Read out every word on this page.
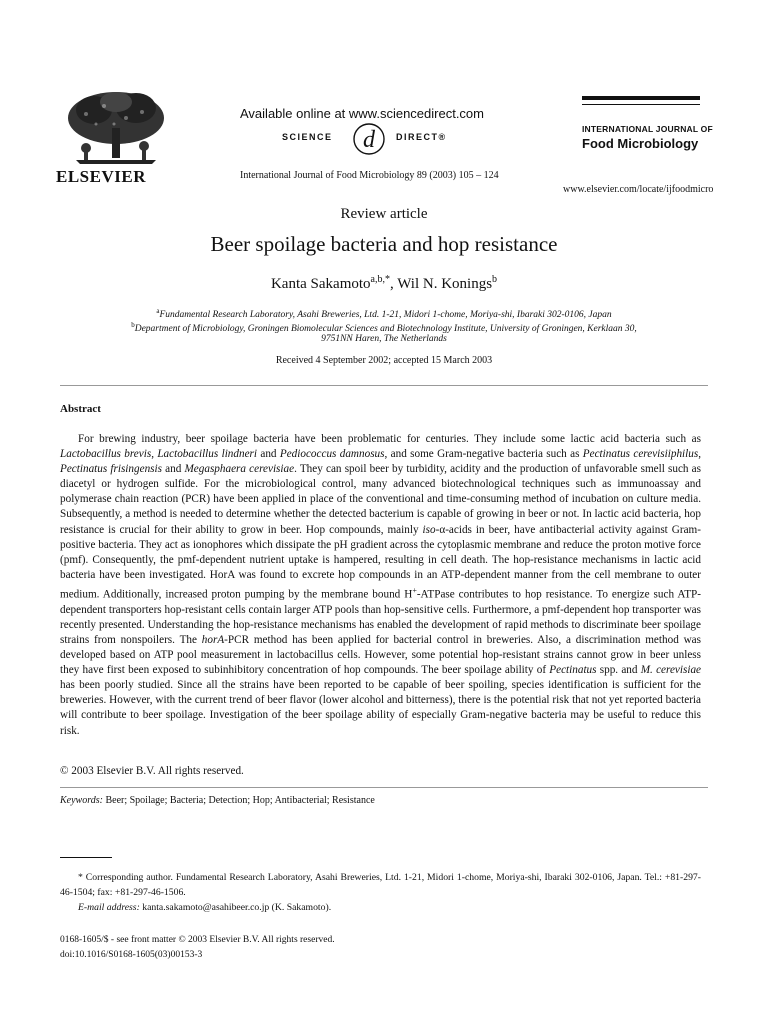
ELSEVIER
Available online at www.sciencedirect.com
SCIENCE d DIRECT®
International Journal of Food Microbiology 89 (2003) 105 – 124
INTERNATIONAL JOURNAL OF
Food Microbiology
www.elsevier.com/locate/ijfoodmicro
Review article
Beer spoilage bacteria and hop resistance
Kanta Sakamoto$^{a,b,*}$, Wil N. Konings$^b$
$^a$Fundamental Research Laboratory, Asahi Breweries, Ltd. 1-21, Midori 1-chome, Moriya-shi, Ibaraki 302-0106, Japan
$^b$Department of Microbiology, Groningen Biomolecular Sciences and Biotechnology Institute, University of Groningen, Kerklaan 30,
9751NN Haren, The Netherlands
Received 4 September 2002; accepted 15 March 2003
Abstract

For brewing industry, beer spoilage bacteria have been problematic for centuries. They include some lactic acid bacteria such as Lactobacillus brevis, Lactobacillus lindneri and Pediococcus damnosus, and some Gram-negative bacteria such as Pectinatus cerevisiiphilus, Pectinatus frisingensis and Megasphaera cerevisiae. They can spoil beer by turbidity, acidity and the production of unfavorable smell such as diacetyl or hydrogen sulfide. For the microbiological control, many advanced biotechnological techniques such as immunoassay and polymerase chain reaction (PCR) have been applied in place of the conventional and time-consuming method of incubation on culture media. Subsequently, a method is needed to determine whether the detected bacterium is capable of growing in beer or not. In lactic acid bacteria, hop resistance is crucial for their ability to grow in beer. Hop compounds, mainly iso-α-acids in beer, have antibacterial activity against Gram-positive bacteria. They act as ionophores which dissipate the pH gradient across the cytoplasmic membrane and reduce the proton motive force (pmf). Consequently, the pmf-dependent nutrient uptake is hampered, resulting in cell death. The hop-resistance mechanisms in lactic acid bacteria have been investigated. HorA was found to excrete hop compounds in an ATP-dependent manner from the cell membrane to outer medium. Additionally, increased proton pumping by the membrane bound H+-ATPase contributes to hop resistance. To energize such ATP-dependent transporters hop-resistant cells contain larger ATP pools than hop-sensitive cells. Furthermore, a pmf-dependent hop transporter was recently presented. Understanding the hop-resistance mechanisms has enabled the development of rapid methods to discriminate beer spoilage strains from nonspoilers. The horA-PCR method has been applied for bacterial control in breweries. Also, a discrimination method was developed based on ATP pool measurement in lactobacillus cells. However, some potential hop-resistant strains cannot grow in beer unless they have first been exposed to subinhibitory concentration of hop compounds. The beer spoilage ability of Pectinatus spp. and M. cerevisiae has been poorly studied. Since all the strains have been reported to be capable of beer spoiling, species identification is sufficient for the breweries. However, with the current trend of beer flavor (lower alcohol and bitterness), there is the potential risk that not yet reported bacteria will contribute to beer spoilage. Investigation of the beer spoilage ability of especially Gram-negative bacteria may be useful to reduce this risk.

© 2003 Elsevier B.V. All rights reserved.
Keywords: Beer; Spoilage; Bacteria; Detection; Hop; Antibacterial; Resistance

* Corresponding author. Fundamental Research Laboratory, Asahi Breweries, Ltd. 1-21, Midori 1-chome, Moriya-shi, Ibaraki 302-0106, Japan. Tel.: +81-297-46-1504; fax: +81-297-46-1506.

E-mail address: kanta.sakamoto@asahibeer.co.jp (K. Sakamoto).

0168-1605/$ - see front matter © 2003 Elsevier B.V. All rights reserved.
doi:10.1016/S0168-1605(03)00153-3
